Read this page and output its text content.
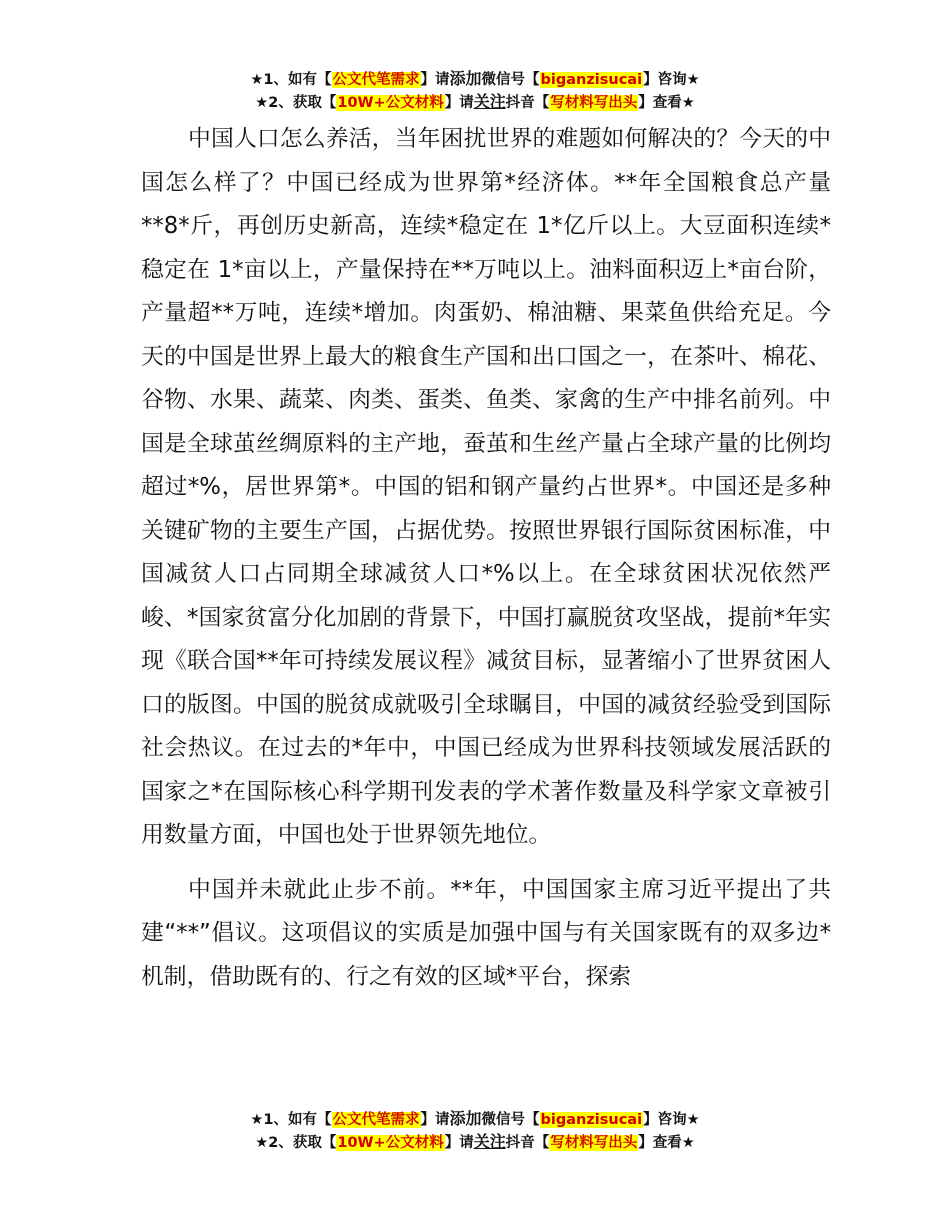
★1、如有【公文代笔需求】请添加微信号【biganzisucai】咨询★
★2、获取【10W+公文材料】请关注抖音【写材料写出头】查看★

中国人口怎么养活，当年困扰世界的难题如何解决的？今天的中国怎么样了？中国已经成为世界第*经济体。**年全国粮食总产量**8*斤，再创历史新高，连续*稳定在 1*亿斤以上。大豆面积连续*稳定在 1*亩以上，产量保持在**万吨以上。油料面积迈上*亩台阶，产量超**万吨，连续*增加。肉蛋奶、棉油糖、果菜鱼供给充足。今天的中国是世界上最大的粮食生产国和出口国之一，在茶叶、棉花、谷物、水果、蔬菜、肉类、蛋类、鱼类、家禽的生产中排名前列。中国是全球茧丝绸原料的主产地，蚕茧和生丝产量占全球产量的比例均超过*%，居世界第*。中国的铝和钢产量约占世界*。中国还是多种关键矿物的主要生产国，占据优势。按照世界银行国际贫困标准，中国减贫人口占同期全球减贫人口*%以上。在全球贫困状况依然严峻、*国家贫富分化加剧的背景下，中国打赢脱贫攻坚战，提前*年实现《联合国**年可持续发展议程》减贫目标，显著缩小了世界贫困人口的版图。中国的脱贫成就吸引全球瞩目，中国的减贫经验受到国际社会热议。在过去的*年中，中国已经成为世界科技领域发展活跃的国家之*在国际核心科学期刊发表的学术著作数量及科学家文章被引用数量方面，中国也处于世界领先地位。

中国并未就此止步不前。**年，中国国家主席习近平提出了共建“**”倡议。这项倡议的实质是加强中国与有关国家既有的双多边*机制，借助既有的、行之有效的区域*平台，探索

★1、如有【公文代笔需求】请添加微信号【biganzisucai】咨询★
★2、获取【10W+公文材料】请关注抖音【写材料写出头】查看★
